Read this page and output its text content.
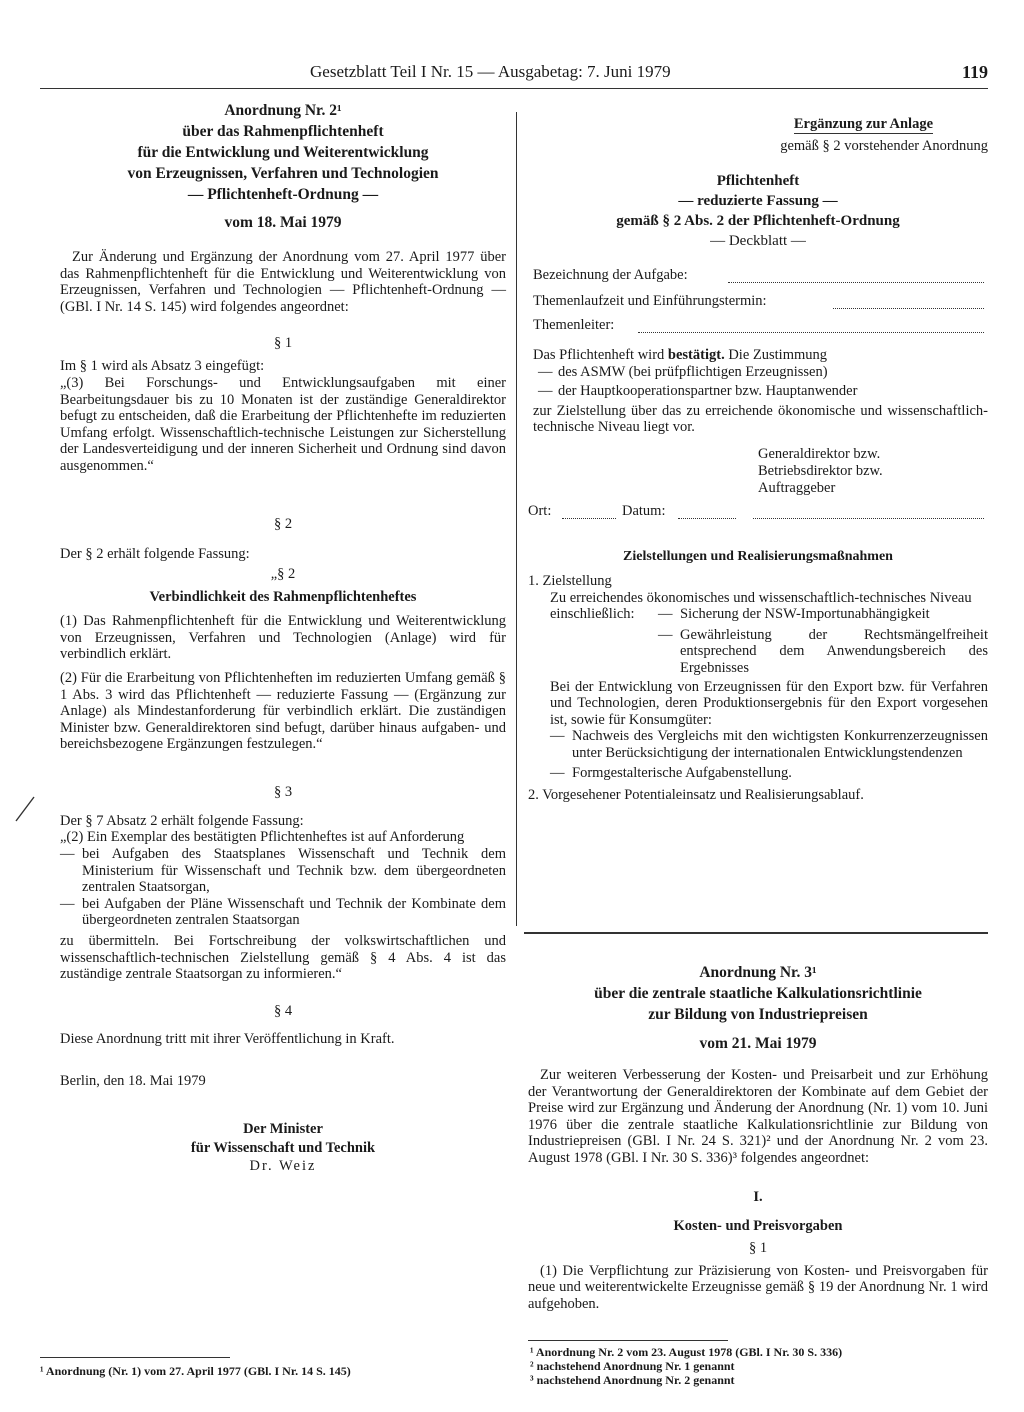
Gesetzblatt Teil I Nr. 15 — Ausgabetag: 7. Juni 1979	119
Anordnung Nr. 2¹
über das Rahmenpflichtenheft
für die Entwicklung und Weiterentwicklung
von Erzeugnissen, Verfahren und Technologien
— Pflichtenheft-Ordnung —
vom 18. Mai 1979

Zur Änderung und Ergänzung der Anordnung vom 27. April 1977 über das Rahmenpflichtenheft für die Entwicklung und Weiterentwicklung von Erzeugnissen, Verfahren und Technologien — Pflichtenheft-Ordnung — (GBl. I Nr. 14 S. 145) wird folgendes angeordnet:

§ 1

Im § 1 wird als Absatz 3 eingefügt:

„(3) Bei Forschungs- und Entwicklungsaufgaben mit einer Bearbeitungsdauer bis zu 10 Monaten ist der zuständige Generaldirektor befugt zu entscheiden, daß die Erarbeitung der Pflichtenhefte im reduzierten Umfang erfolgt. Wissenschaftlich-technische Leistungen zur Sicherstellung der Landesverteidigung und der inneren Sicherheit und Ordnung sind davon ausgenommen.“

§ 2

Der § 2 erhält folgende Fassung:

„§ 2
Verbindlichkeit des Rahmenpflichtenheftes

(1) Das Rahmenpflichtenheft für die Entwicklung und Weiterentwicklung von Erzeugnissen, Verfahren und Technologien (Anlage) wird für verbindlich erklärt.

(2) Für die Erarbeitung von Pflichtenheften im reduzierten Umfang gemäß § 1 Abs. 3 wird das Pflichtenheft — reduzierte Fassung — (Ergänzung zur Anlage) als Mindestanforderung für verbindlich erklärt. Die zuständigen Minister bzw. Generaldirektoren sind befugt, darüber hinaus aufgaben- und bereichsbezogene Ergänzungen festzulegen.“

§ 3

Der § 7 Absatz 2 erhält folgende Fassung:

„(2) Ein Exemplar des bestätigten Pflichtenheftes ist auf Anforderung

— bei Aufgaben des Staatsplanes Wissenschaft und Technik dem Ministerium für Wissenschaft und Technik bzw. dem übergeordneten zentralen Staatsorgan,
— bei Aufgaben der Pläne Wissenschaft und Technik der Kombinate dem übergeordneten zentralen Staatsorgan

zu übermitteln. Bei Fortschreibung der volkswirtschaftlichen und wissenschaftlich-technischen Zielstellung gemäß § 4 Abs. 4 ist das zuständige zentrale Staatsorgan zu informieren.“

§ 4

Diese Anordnung tritt mit ihrer Veröffentlichung in Kraft.

Berlin, den 18. Mai 1979

Der Minister
für Wissenschaft und Technik
Dr. Weiz
¹ Anordnung (Nr. 1) vom 27. April 1977 (GBl. I Nr. 14 S. 145)
Ergänzung zur Anlage
gemäß § 2 vorstehender Anordnung
Pflichtenheft
— reduzierte Fassung —
gemäß § 2 Abs. 2 der Pflichtenheft-Ordnung
— Deckblatt —
Bezeichnung der Aufgabe:
Themenlaufzeit und Einführungstermin:
Themenleiter:

Das Pflichtenheft wird bestätigt. Die Zustimmung

— des ASMW (bei prüfpflichtigen Erzeugnissen)
— der Hauptkooperationspartner bzw. Hauptanwender

zur Zielstellung über das zu erreichende ökonomische und wissenschaftlich-technische Niveau liegt vor.

Generaldirektor bzw.
Betriebsdirektor bzw.
Auftraggeber
Ort:	Datum:
Zielstellungen und Realisierungsmaßnahmen

1. Zielstellung

Zu erreichendes ökonomisches und wissenschaftlich-technisches Niveau

einschließlich: — Sicherung der NSW-Importunabhängigkeit
— Gewährleistung der Rechtsmängelfreiheit entsprechend dem Anwendungsbereich des Ergebnisses

Bei der Entwicklung von Erzeugnissen für den Export bzw. für Verfahren und Technologien, deren Produktionsergebnis für den Export vorgesehen ist, sowie für Konsumgüter:

— Nachweis des Vergleichs mit den wichtigsten Konkurrenzerzeugnissen unter Berücksichtigung der internationalen Entwicklungstendenzen
— Formgestalterische Aufgabenstellung.

2. Vorgesehener Potentialeinsatz und Realisierungsablauf.

Anordnung Nr. 3¹
über die zentrale staatliche Kalkulationsrichtlinie
zur Bildung von Industriepreisen
vom 21. Mai 1979

Zur weiteren Verbesserung der Kosten- und Preisarbeit und zur Erhöhung der Verantwortung der Generaldirektoren der Kombinate auf dem Gebiet der Preise wird zur Ergänzung und Änderung der Anordnung (Nr. 1) vom 10. Juni 1976 über die zentrale staatliche Kalkulationsrichtlinie zur Bildung von Industriepreisen (GBl. I Nr. 24 S. 321)² und der Anordnung Nr. 2 vom 23. August 1978 (GBl. I Nr. 30 S. 336)³ folgendes angeordnet:

I.
Kosten- und Preisvorgaben
§ 1

(1) Die Verpflichtung zur Präzisierung von Kosten- und Preisvorgaben für neue und weiterentwickelte Erzeugnisse gemäß § 19 der Anordnung Nr. 1 wird aufgehoben.

¹ Anordnung Nr. 2 vom 23. August 1978 (GBl. I Nr. 30 S. 336)
² nachstehend Anordnung Nr. 1 genannt
³ nachstehend Anordnung Nr. 2 genannt
